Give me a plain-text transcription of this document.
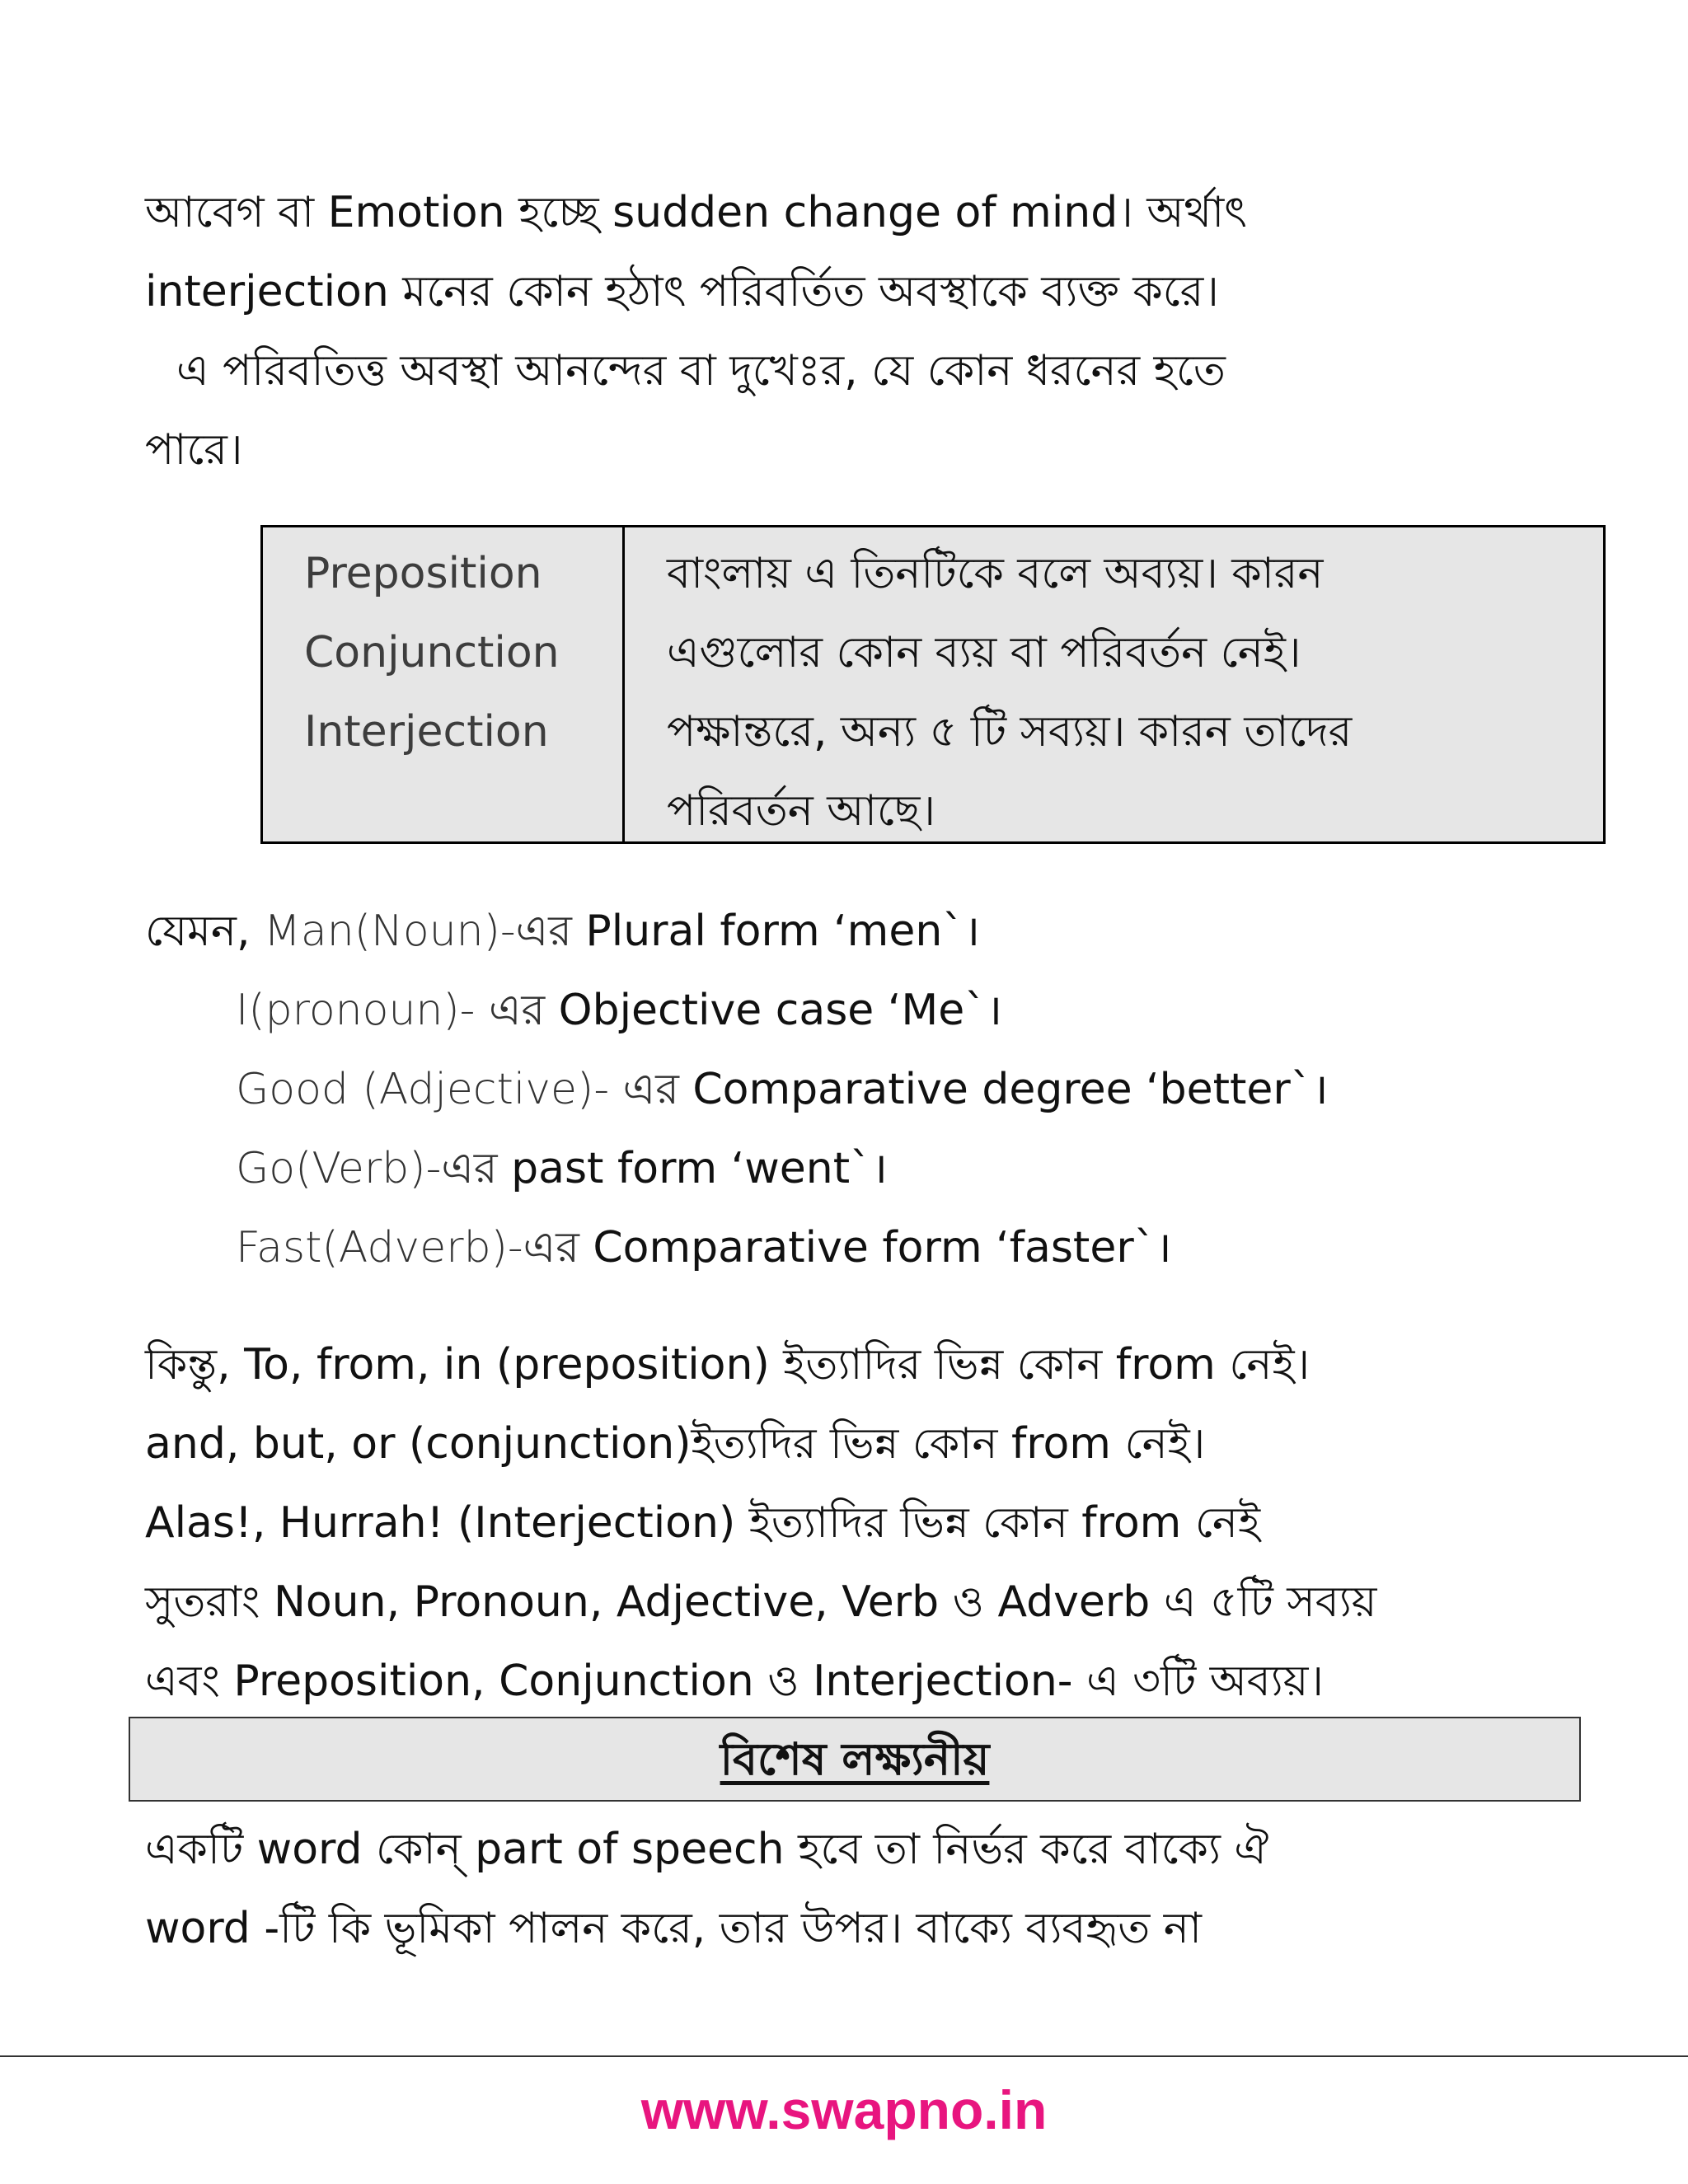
আবেগ বা Emotion হচ্ছে sudden change of mind। অর্থাৎ
interjection মনের কোন হঠাৎ পরিবর্তিত অবস্থাকে ব্যক্ত করে।
এ পরিবতিত্ত অবস্থা আনন্দের বা দুখেঃর, যে কোন ধরনের হতে
পারে।
Preposition
Conjunction
Interjection
বাংলায় এ তিনটিকে বলে অব্যয়। কারন
এগুলোর কোন ব্যয় বা পরিবর্তন নেই।
পক্ষান্তরে, অন্য ৫ টি সব্যয়। কারন তাদের
পরিবর্তন আছে।
যেমন, Man(Noun)-এর Plural form ‘men`।
I(pronoun)- এর Objective case ‘Me`।
Good (Adjective)- এর Comparative degree ‘better`।
Go(Verb)-এর past form ‘went`।
Fast(Adverb)-এর Comparative form ‘faster`।
কিন্তু, To, from, in (preposition) ইত্যাদির ভিন্ন কোন from নেই।
and, but, or (conjunction)ইত্যদির ভিন্ন কোন from নেই।
Alas!, Hurrah! (Interjection) ইত্যাদির ভিন্ন কোন from নেই
সুতরাং Noun, Pronoun, Adjective, Verb ও Adverb এ ৫টি সব্যয়
এবং Preposition, Conjunction ও Interjection- এ ৩টি অব্যয়।
বিশেষ লক্ষ্যনীয়
একটি word কোন্ part of speech হবে তা নির্ভর করে বাক্যে ঐ
word -টি কি ভূমিকা পালন করে, তার উপর। বাক্যে ব্যবহৃত না
www.swapno.in
